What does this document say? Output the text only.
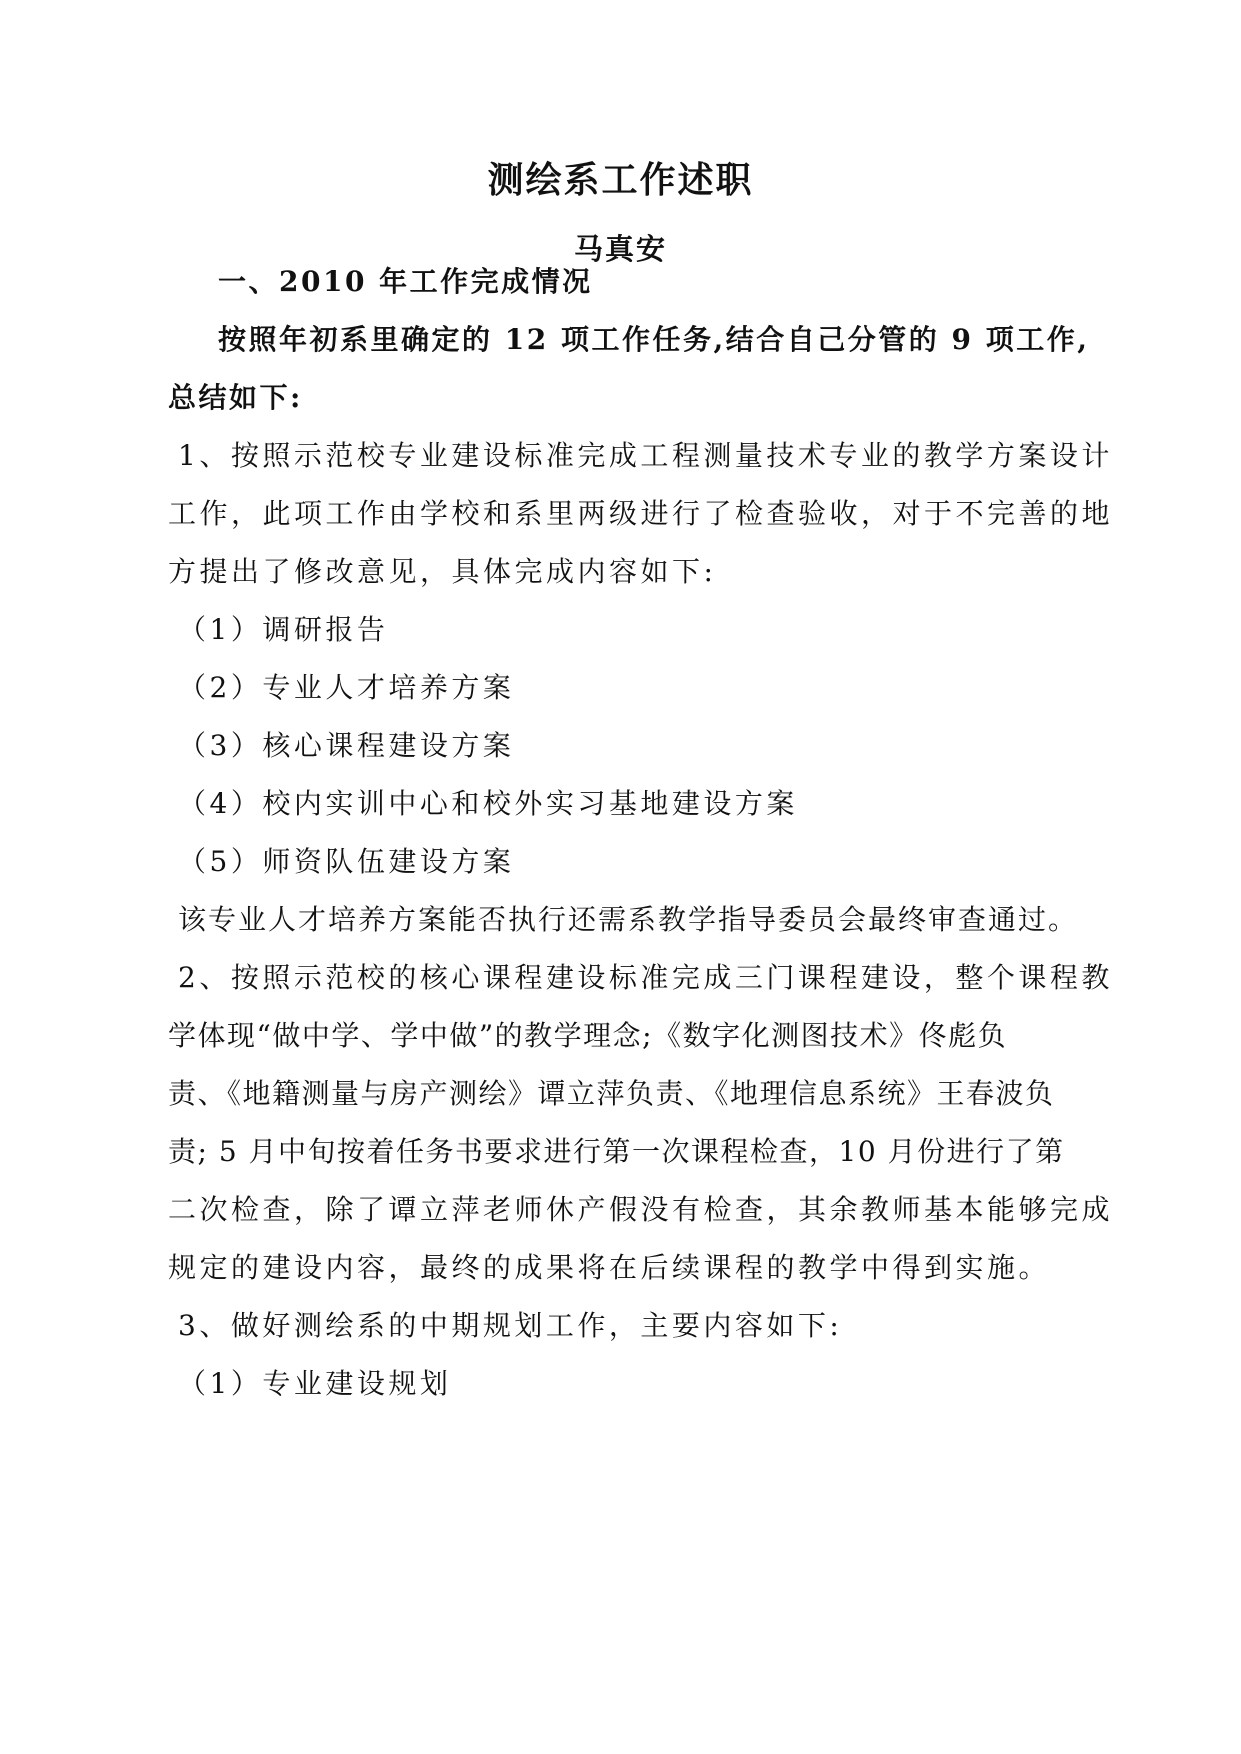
测绘系工作述职
马真安
一、2010 年工作完成情况
按照年初系里确定的 12 项工作任务,结合自己分管的 9 项工作,
总结如下:
1、按照示范校专业建设标准完成工程测量技术专业的教学方案设计
工作，此项工作由学校和系里两级进行了检查验收，对于不完善的地
方提出了修改意见，具体完成内容如下:
（1）调研报告
（2）专业人才培养方案
（3）核心课程建设方案
（4）校内实训中心和校外实习基地建设方案
（5）师资队伍建设方案
该专业人才培养方案能否执行还需系教学指导委员会最终审查通过。
2、按照示范校的核心课程建设标准完成三门课程建设，整个课程教
学体现“做中学、学中做”的教学理念;《数字化测图技术》佟彪负
责、《地籍测量与房产测绘》谭立萍负责、《地理信息系统》王春波负
责; 5 月中旬按着任务书要求进行第一次课程检查，10 月份进行了第
二次检查，除了谭立萍老师休产假没有检查，其余教师基本能够完成
规定的建设内容，最终的成果将在后续课程的教学中得到实施。
3、做好测绘系的中期规划工作，主要内容如下:
（1）专业建设规划
